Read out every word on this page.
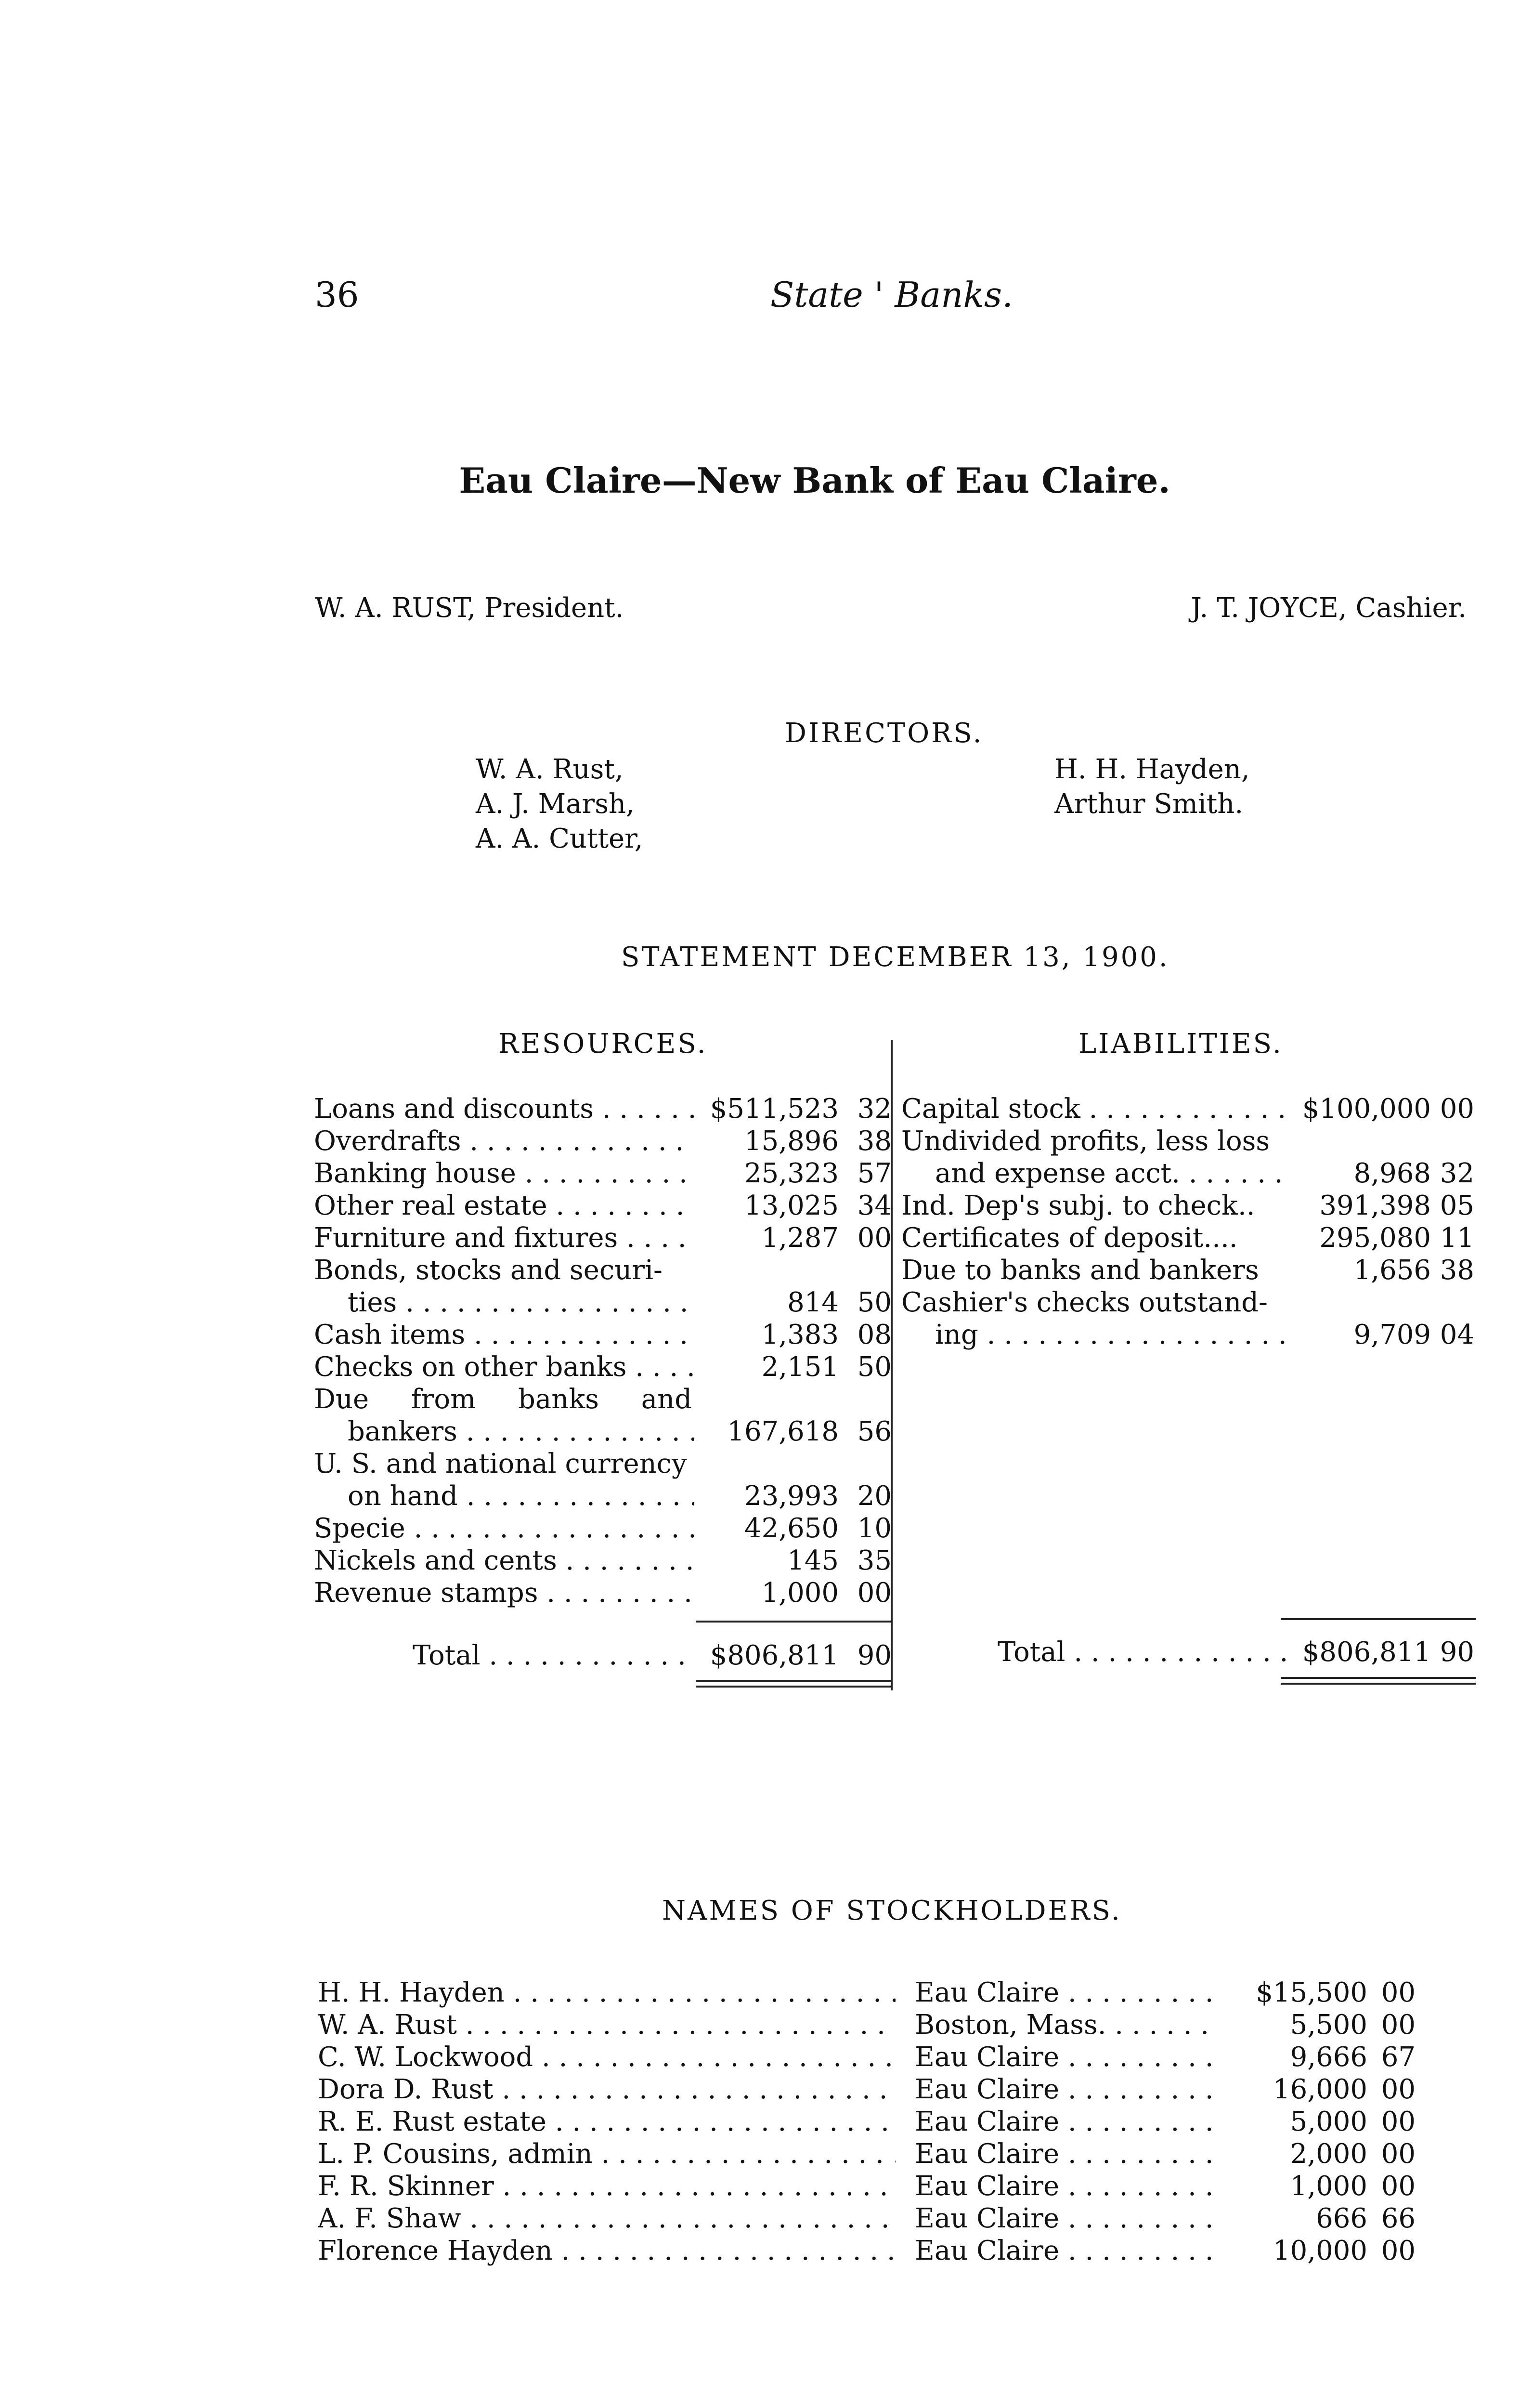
36	State ' Banks.
Eau Claire—New Bank of Eau Claire.
W. A. RUST, President.	J. T. JOYCE, Cashier.
DIRECTORS.
W. A. Rust,
A. J. Marsh,
A. A. Cutter,
H. H. Hayden,
Arthur Smith.
STATEMENT DECEMBER 13, 1900.
RESOURCES.	LIABILITIES.
Loans and discounts . . .	$511,523 32
Overdrafts . . .	15,896 38
Banking house . . .	25,323 57
Other real estate . . .	13,025 34
Furniture and fixtures . . .	1,287 00
Bonds, stocks and securi-
ties . . .	814 50
Cash items . . .	1,383 08
Checks on other banks . . .	2,151 50
Due from banks and
bankers . . .	167,618 56
U. S. and national currency
on hand . . .	23,993 20
Specie . . .	42,650 10
Nickels and cents . . .	145 35
Revenue stamps . . .	1,000 00
Total . . .	$806,811 90
Capital stock . . .	$100,000 00
Undivided profits, less loss
and expense acct. . . .	8,968 32
Ind. Dep's subj. to check..	391,398 05
Certificates of deposit....	295,080 11
Due to banks and bankers	1,656 38
Cashier's checks outstand-
ing . . .	9,709 04
Total . . .	$806,811 90
NAMES OF STOCKHOLDERS.
H. H. Hayden . . .	Eau Claire . . .	$15,500 00
W. A. Rust . . .	Boston, Mass. . . .	5,500 00
C. W. Lockwood . . .	Eau Claire . . .	9,666 67
Dora D. Rust . . .	Eau Claire . . .	16,000 00
R. E. Rust estate . . .	Eau Claire . . .	5,000 00
L. P. Cousins, admin . . .	Eau Claire . . .	2,000 00
F. R. Skinner . . .	Eau Claire . . .	1,000 00
A. F. Shaw . . .	Eau Claire . . .	666 66
Florence Hayden . . .	Eau Claire . . .	10,000 00
